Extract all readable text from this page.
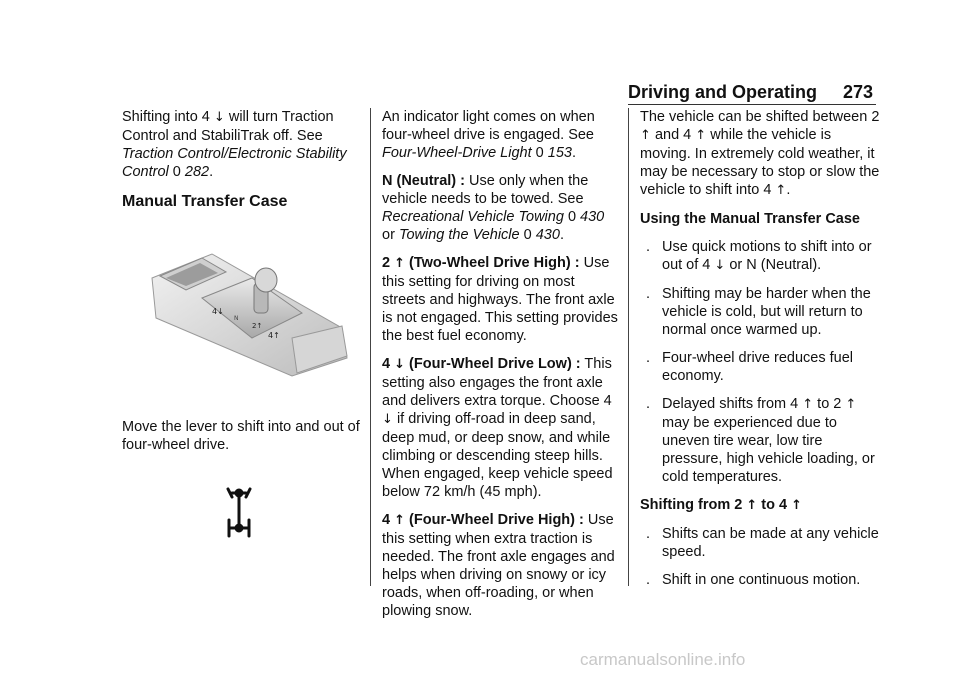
Driving and Operating 273

Shifting into 4 ↓ will turn Traction Control and StabiliTrak off. See Traction Control/Electronic Stability Control 0 282.

Manual Transfer Case
4↓
N
2↑
4↑

Move the lever to shift into and out of four-wheel drive.

An indicator light comes on when four-wheel drive is engaged. See Four-Wheel-Drive Light 0 153.

N (Neutral) : Use only when the vehicle needs to be towed. See Recreational Vehicle Towing 0 430 or Towing the Vehicle 0 430.

2 ↑ (Two-Wheel Drive High) : Use this setting for driving on most streets and highways. The front axle is not engaged. This setting provides the best fuel economy.

4 ↓ (Four-Wheel Drive Low) : This setting also engages the front axle and delivers extra torque. Choose 4 ↓ if driving off-road in deep sand, deep mud, or deep snow, and while climbing or descending steep hills. When engaged, keep vehicle speed below 72 km/h (45 mph).

4 ↑ (Four-Wheel Drive High) : Use this setting when extra traction is needed. The front axle engages and helps when driving on snowy or icy roads, when off-roading, or when plowing snow.

The vehicle can be shifted between 2 ↑ and 4 ↑ while the vehicle is moving. In extremely cold weather, it may be necessary to stop or slow the vehicle to shift into 4 ↑.

Using the Manual Transfer Case

. Use quick motions to shift into or out of 4 ↓ or N (Neutral).
. Shifting may be harder when the vehicle is cold, but will return to normal once warmed up.
. Four-wheel drive reduces fuel economy.
. Delayed shifts from 4 ↑ to 2 ↑ may be experienced due to uneven tire wear, low tire pressure, high vehicle loading, or cold temperatures.

Shifting from 2 ↑ to 4 ↑

. Shifts can be made at any vehicle speed.
. Shift in one continuous motion.
carmanualsonline.info
